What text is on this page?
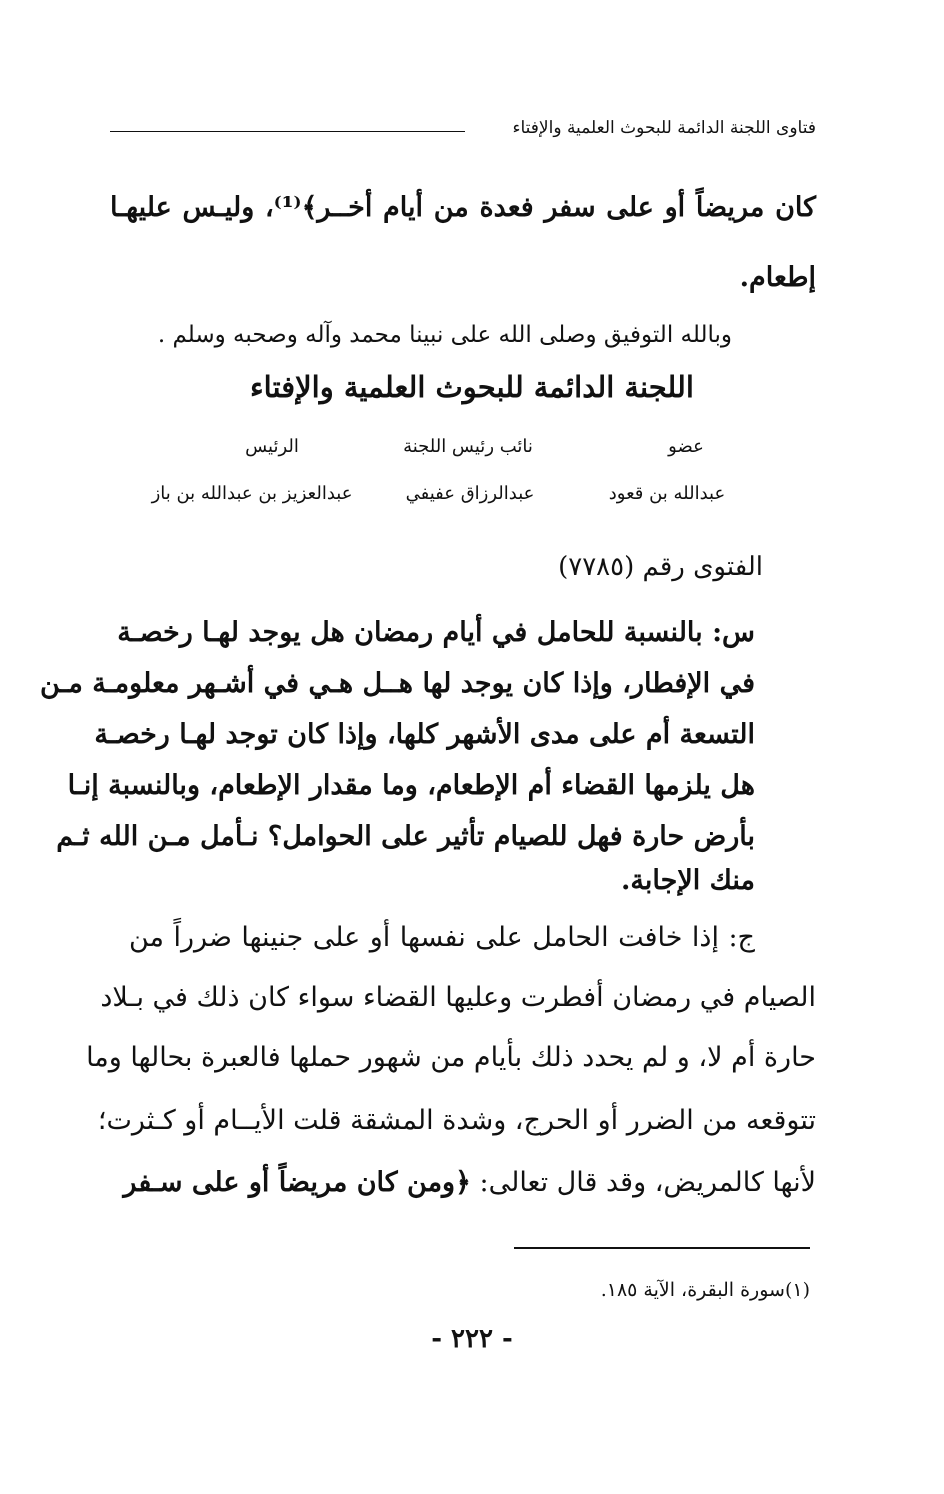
فتاوى اللجنة الدائمة للبحوث العلمية والإفتاء
كان مريضاً أو على سفر فعدة من أيام أخــر﴾⁽¹⁾، وليـس عليهـا
إطعام.
وبالله التوفيق وصلى الله على نبينا محمد وآله وصحبه وسلم .
اللجنة الدائمة للبحوث العلمية والإفتاء
عضو
نائب رئيس اللجنة
الرئيس
عبدالله بن قعود
عبدالرزاق عفيفي
عبدالعزيز بن عبدالله بن باز
الفتوى رقم (٧٧٨٥)
س: بالنسبة للحامل في أيام رمضان هل يوجد لهـا رخصـة
في الإفطار، وإذا كان يوجد لها هــل هـي في أشـهر معلومـة مـن
التسعة أم على مدى الأشهر كلها، وإذا كان توجد لهـا رخصـة
هل يلزمها القضاء أم الإطعام، وما مقدار الإطعام، وبالنسبة إنـا
بأرض حارة فهل للصيام تأثير على الحوامل؟ نـأمل مـن الله ثـم
منك الإجابة.
ج: إذا خافت الحامل على نفسها أو على جنينها ضرراً من
الصيام في رمضان أفطرت وعليها القضاء سواء كان ذلك في بـلاد
حارة أم لا، و لم يحدد ذلك بأيام من شهور حملها فالعبرة بحالها وما
تتوقعه من الضرر أو الحرج، وشدة المشقة قلت الأيــام أو كـثرت؛
لأنها كالمريض، وقد قال تعالى: ﴿ومن كان مريضاً أو على سـفر
(١)سورة البقرة، الآية ١٨٥.
- ٢٢٢ -
